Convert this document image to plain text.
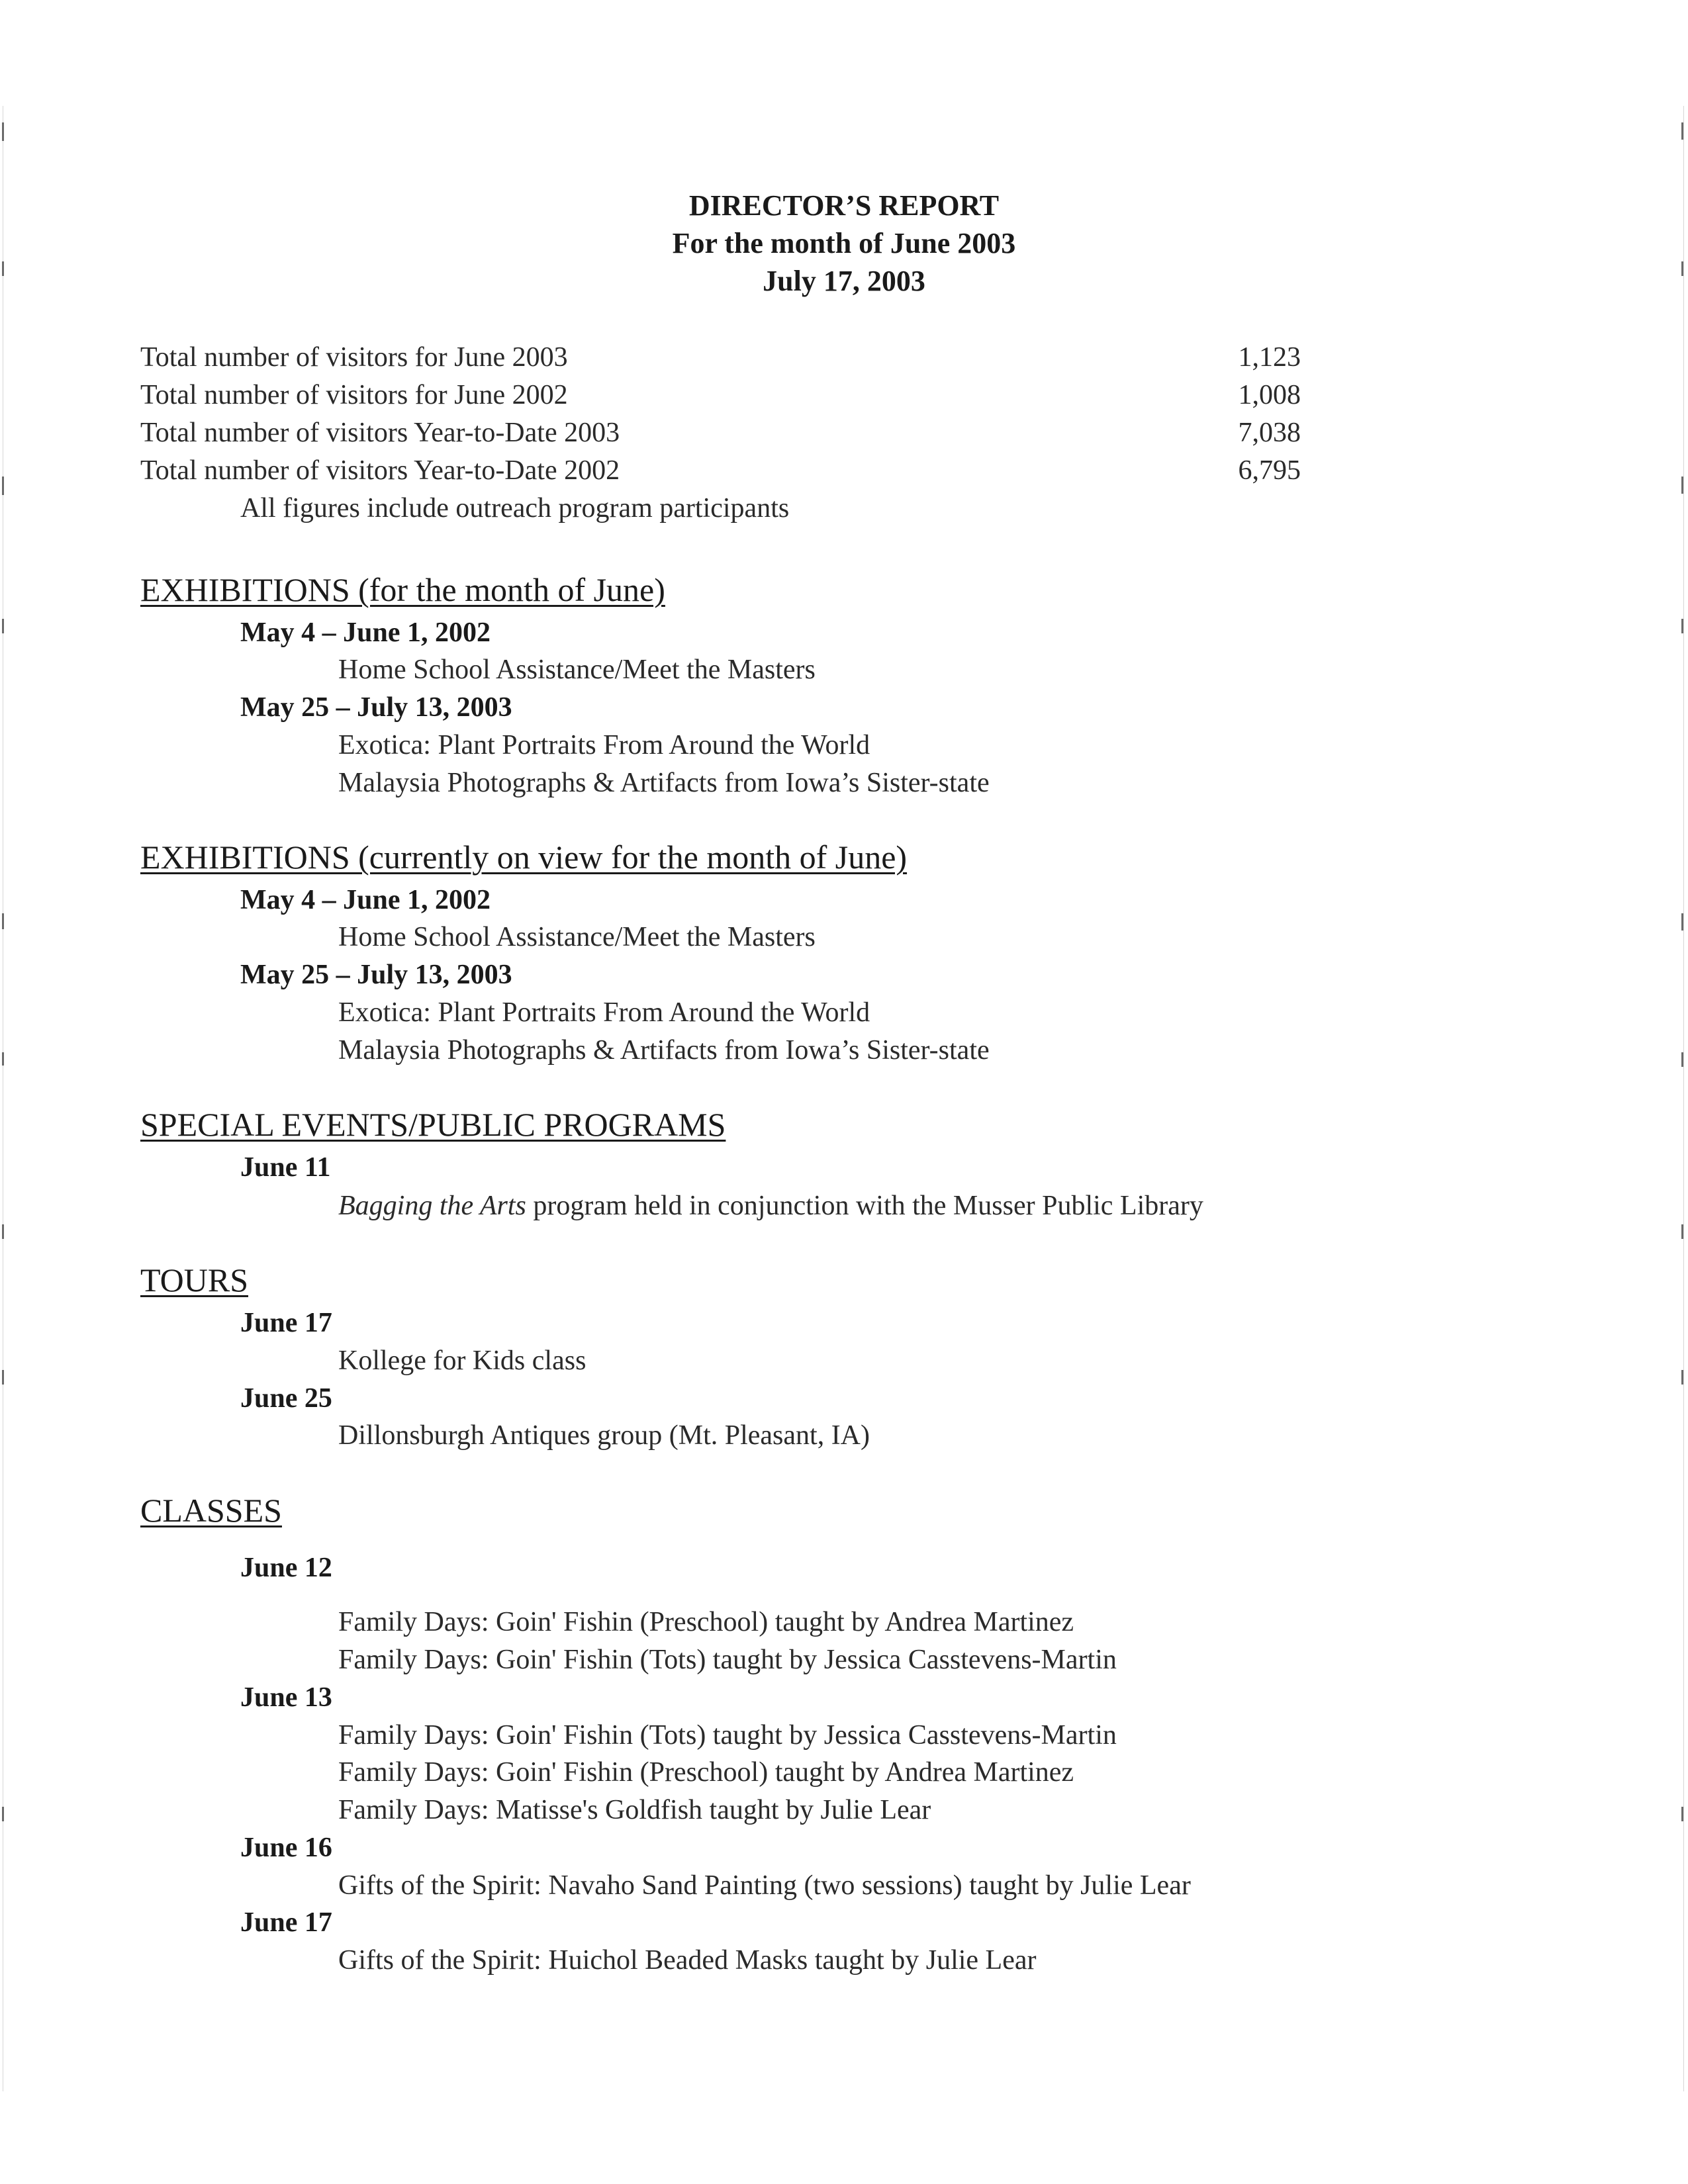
DIRECTOR’S REPORT
For the month of June 2003
July 17, 2003
Total number of visitors for June 2003	1,123
Total number of visitors for June 2002	1,008
Total number of visitors Year-to-Date 2003	7,038
Total number of visitors Year-to-Date 2002	6,795
All figures include outreach program participants
EXHIBITIONS (for the month of June)
May 4 – June 1, 2002
Home School Assistance/Meet the Masters
May 25 – July 13, 2003
Exotica: Plant Portraits From Around the World
Malaysia Photographs & Artifacts from Iowa’s Sister-state
EXHIBITIONS (currently on view for the month of June)
May 4 – June 1, 2002
Home School Assistance/Meet the Masters
May 25 – July 13, 2003
Exotica: Plant Portraits From Around the World
Malaysia Photographs & Artifacts from Iowa’s Sister-state
SPECIAL EVENTS/PUBLIC PROGRAMS
June 11
Bagging the Arts program held in conjunction with the Musser Public Library
TOURS
June 17
Kollege for Kids class
June 25
Dillonsburgh Antiques group (Mt. Pleasant, IA)
CLASSES
June 12
Family Days: Goin' Fishin (Preschool) taught by Andrea Martinez
Family Days: Goin' Fishin (Tots) taught by Jessica Casstevens-Martin
June 13
Family Days: Goin' Fishin (Tots) taught by Jessica Casstevens-Martin
Family Days: Goin' Fishin (Preschool) taught by Andrea Martinez
Family Days: Matisse's Goldfish taught by Julie Lear
June 16
Gifts of the Spirit: Navaho Sand Painting (two sessions) taught by Julie Lear
June 17
Gifts of the Spirit: Huichol Beaded Masks taught by Julie Lear
